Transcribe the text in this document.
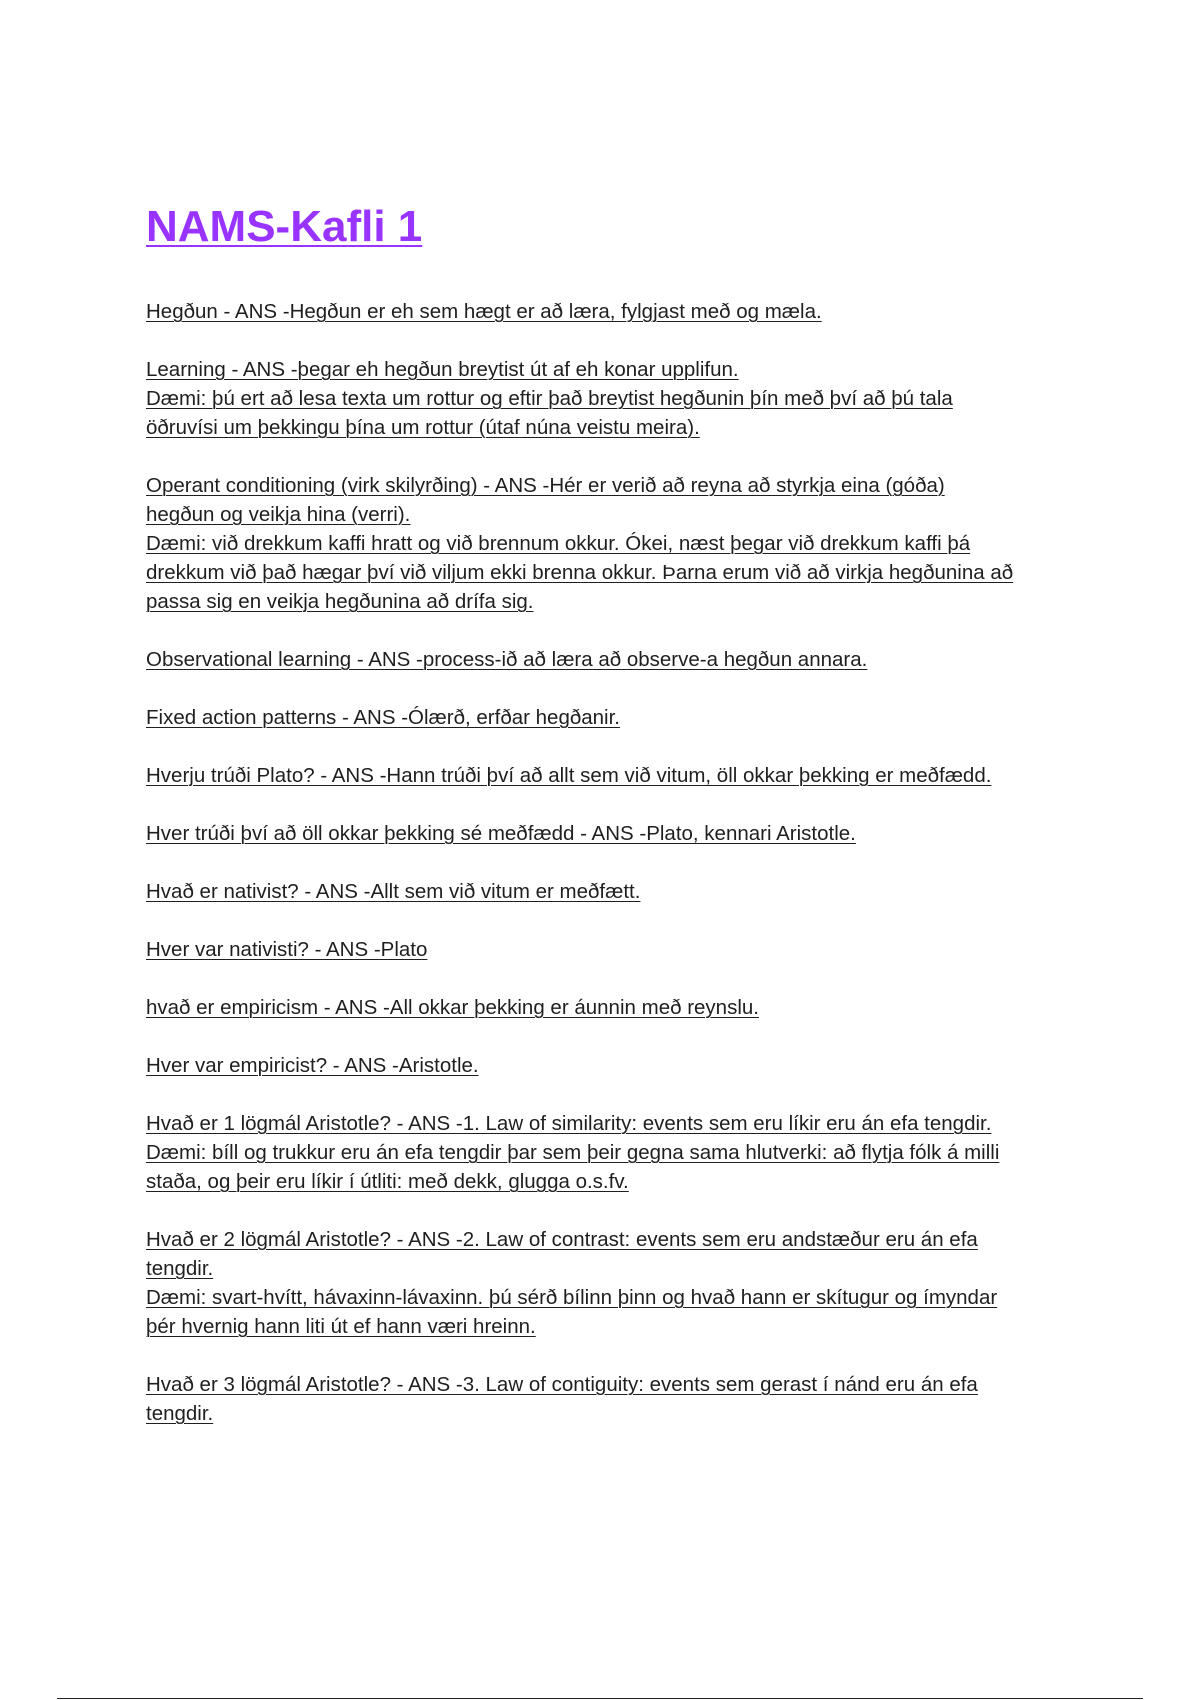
NAMS-Kafli 1

Hegðun - ANS -Hegðun er eh sem hægt er að læra, fylgjast með og mæla.

Learning - ANS -þegar eh hegðun breytist út af eh konar upplifun.
Dæmi: þú ert að lesa texta um rottur og eftir það breytist hegðunin þín með því að þú tala
öðruvísi um þekkingu þína um rottur (útaf núna veistu meira).

Operant conditioning (virk skilyrðing) - ANS -Hér er verið að reyna að styrkja eina (góða)
hegðun og veikja hina (verri).
Dæmi: við drekkum kaffi hratt og við brennum okkur. Ókei, næst þegar við drekkum kaffi þá
drekkum við það hægar því við viljum ekki brenna okkur. Þarna erum við að virkja hegðunina að
passa sig en veikja hegðunina að drífa sig.

Observational learning - ANS -process-ið að læra að observe-a hegðun annara.

Fixed action patterns - ANS -Ólærð, erfðar hegðanir.

Hverju trúði Plato? - ANS -Hann trúði því að allt sem við vitum, öll okkar þekking er meðfædd.

Hver trúði því að öll okkar þekking sé meðfædd - ANS -Plato, kennari Aristotle.

Hvað er nativist? - ANS -Allt sem við vitum er meðfætt.

Hver var nativisti? - ANS -Plato

hvað er empiricism - ANS -All okkar þekking er áunnin með reynslu.

Hver var empiricist? - ANS -Aristotle.

Hvað er 1 lögmál Aristotle? - ANS -1. Law of similarity: events sem eru líkir eru án efa tengdir.
Dæmi: bíll og trukkur eru án efa tengdir þar sem þeir gegna sama hlutverki: að flytja fólk á milli
staða, og þeir eru líkir í útliti: með dekk, glugga o.s.fv.

Hvað er 2 lögmál Aristotle? - ANS -2. Law of contrast: events sem eru andstæður eru án efa
tengdir.
Dæmi: svart-hvítt, hávaxinn-lávaxinn. þú sérð bílinn þinn og hvað hann er skítugur og ímyndar
þér hvernig hann liti út ef hann væri hreinn.

Hvað er 3 lögmál Aristotle? - ANS -3. Law of contiguity: events sem gerast í nánd eru án efa
tengdir.
